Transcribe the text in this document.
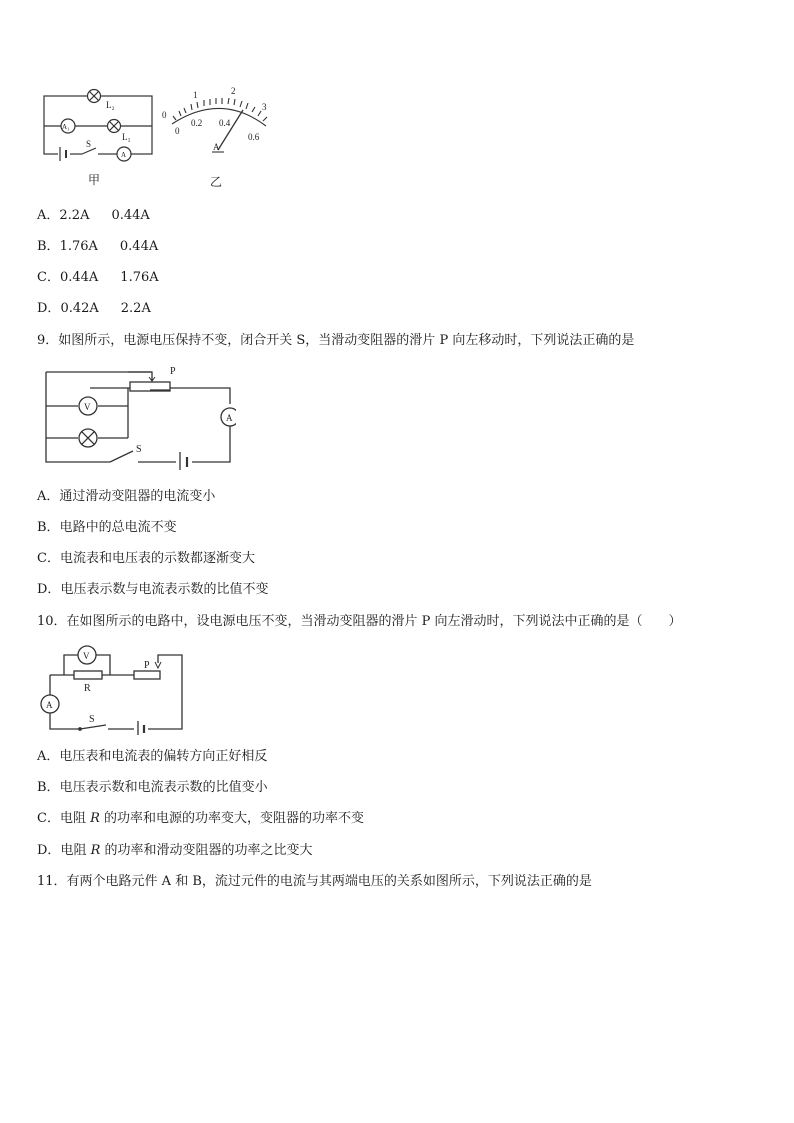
L₂
L₁
A₁
A
S
甲
0
1	2
3
0
0.2 0.4
0.6
A
乙
A．2.2A 0.44A
B．1.76A 0.44A
C．0.44A 1.76A
D．0.42A 2.2A
9．如图所示，电源电压保持不变，闭合开关 S，当滑动变阻器的滑片 P 向左移动时，下列说法正确的是
P
V
A
S
A．通过滑动变阻器的电流变小
B．电路中的总电流不变
C．电流表和电压表的示数都逐渐变大
D．电压表示数与电流表示数的比值不变
10．在如图所示的电路中，设电源电压不变，当滑动变阻器的滑片 P 向左滑动时，下列说法中正确的是（　　）
V
P
R
A
S
A．电压表和电流表的偏转方向正好相反
B．电压表示数和电流表示数的比值变小
C．电阻 R 的功率和电源的功率变大，变阻器的功率不变
D．电阻 R 的功率和滑动变阻器的功率之比变大
11．有两个电路元件 A 和 B，流过元件的电流与其两端电压的关系如图所示，下列说法正确的是
